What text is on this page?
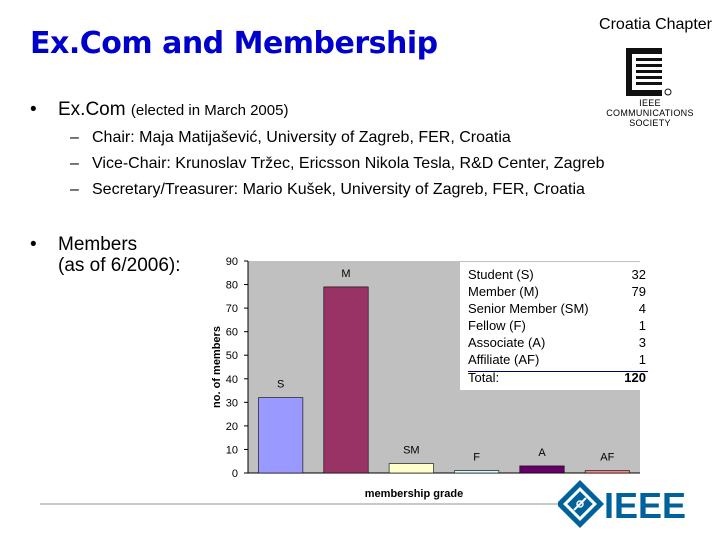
Ex.Com and Membership
Croatia Chapter
IEEE
COMMUNICATIONS
SOCIETY
• Ex.Com (elected in March 2005)
– Chair: Maja Matijašević, University of Zagreb, FER, Croatia
– Vice-Chair: Krunoslav Tržec, Ericsson Nikola Tesla, R&D Center, Zagreb
– Secretary/Treasurer: Mario Kušek, University of Zagreb, FER, Croatia
• Members
(as of 6/2006):
0
10
20
30
40
50
60
70
80
90
S
M
SM
F	A	AF
no. of members
membership grade
Student (S)	32
Member (M)	79
Senior Member (SM)	4
Fellow (F)	1
Associate (A)	3
Affiliate (AF)	1
Total:	120
IEEE
